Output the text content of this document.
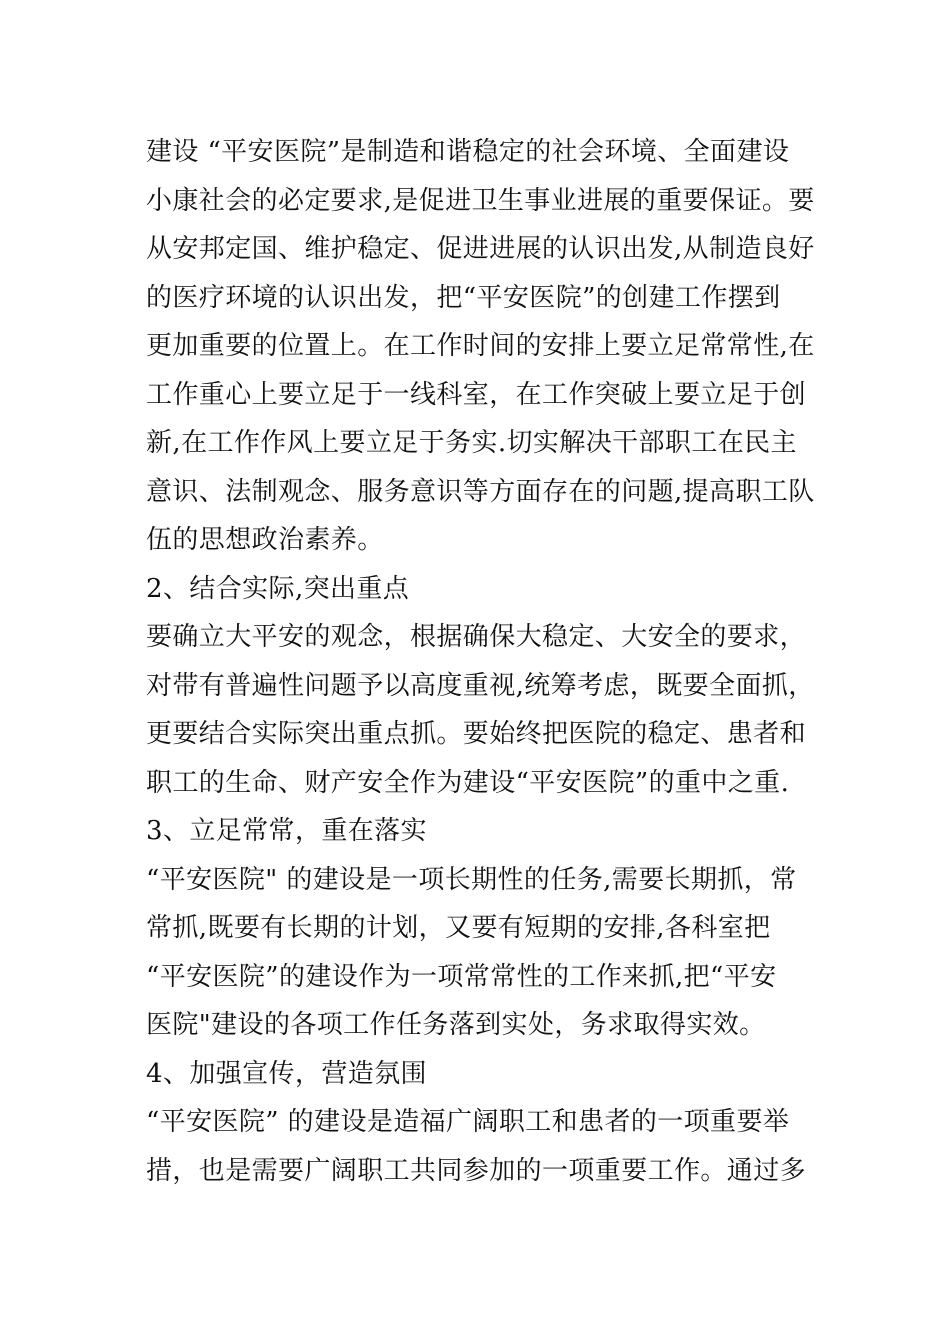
建设 “平安医院”是制造和谐稳定的社会环境、全面建设
小康社会的必定要求,是促进卫生事业进展的重要保证。要
从安邦定国、维护稳定、促进进展的认识出发,从制造良好
的医疗环境的认识出发，把“平安医院”的创建工作摆到
更加重要的位置上。在工作时间的安排上要立足常常性,在
工作重心上要立足于一线科室，在工作突破上要立足于创
新,在工作作风上要立足于务实.切实解决干部职工在民主
意识、法制观念、服务意识等方面存在的问题,提高职工队
伍的思想政治素养。
2、结合实际,突出重点
要确立大平安的观念，根据确保大稳定、大安全的要求，
对带有普遍性问题予以高度重视,统筹考虑，既要全面抓，
更要结合实际突出重点抓。要始终把医院的稳定、患者和
职工的生命、财产安全作为建设“平安医院”的重中之重.
3、立足常常，重在落实
“平安医院" 的建设是一项长期性的任务,需要长期抓，常
常抓,既要有长期的计划，又要有短期的安排,各科室把
“平安医院”的建设作为一项常常性的工作来抓,把“平安
医院"建设的各项工作任务落到实处，务求取得实效。
4、加强宣传，营造氛围
“平安医院” 的建设是造福广阔职工和患者的一项重要举
措，也是需要广阔职工共同参加的一项重要工作。通过多
